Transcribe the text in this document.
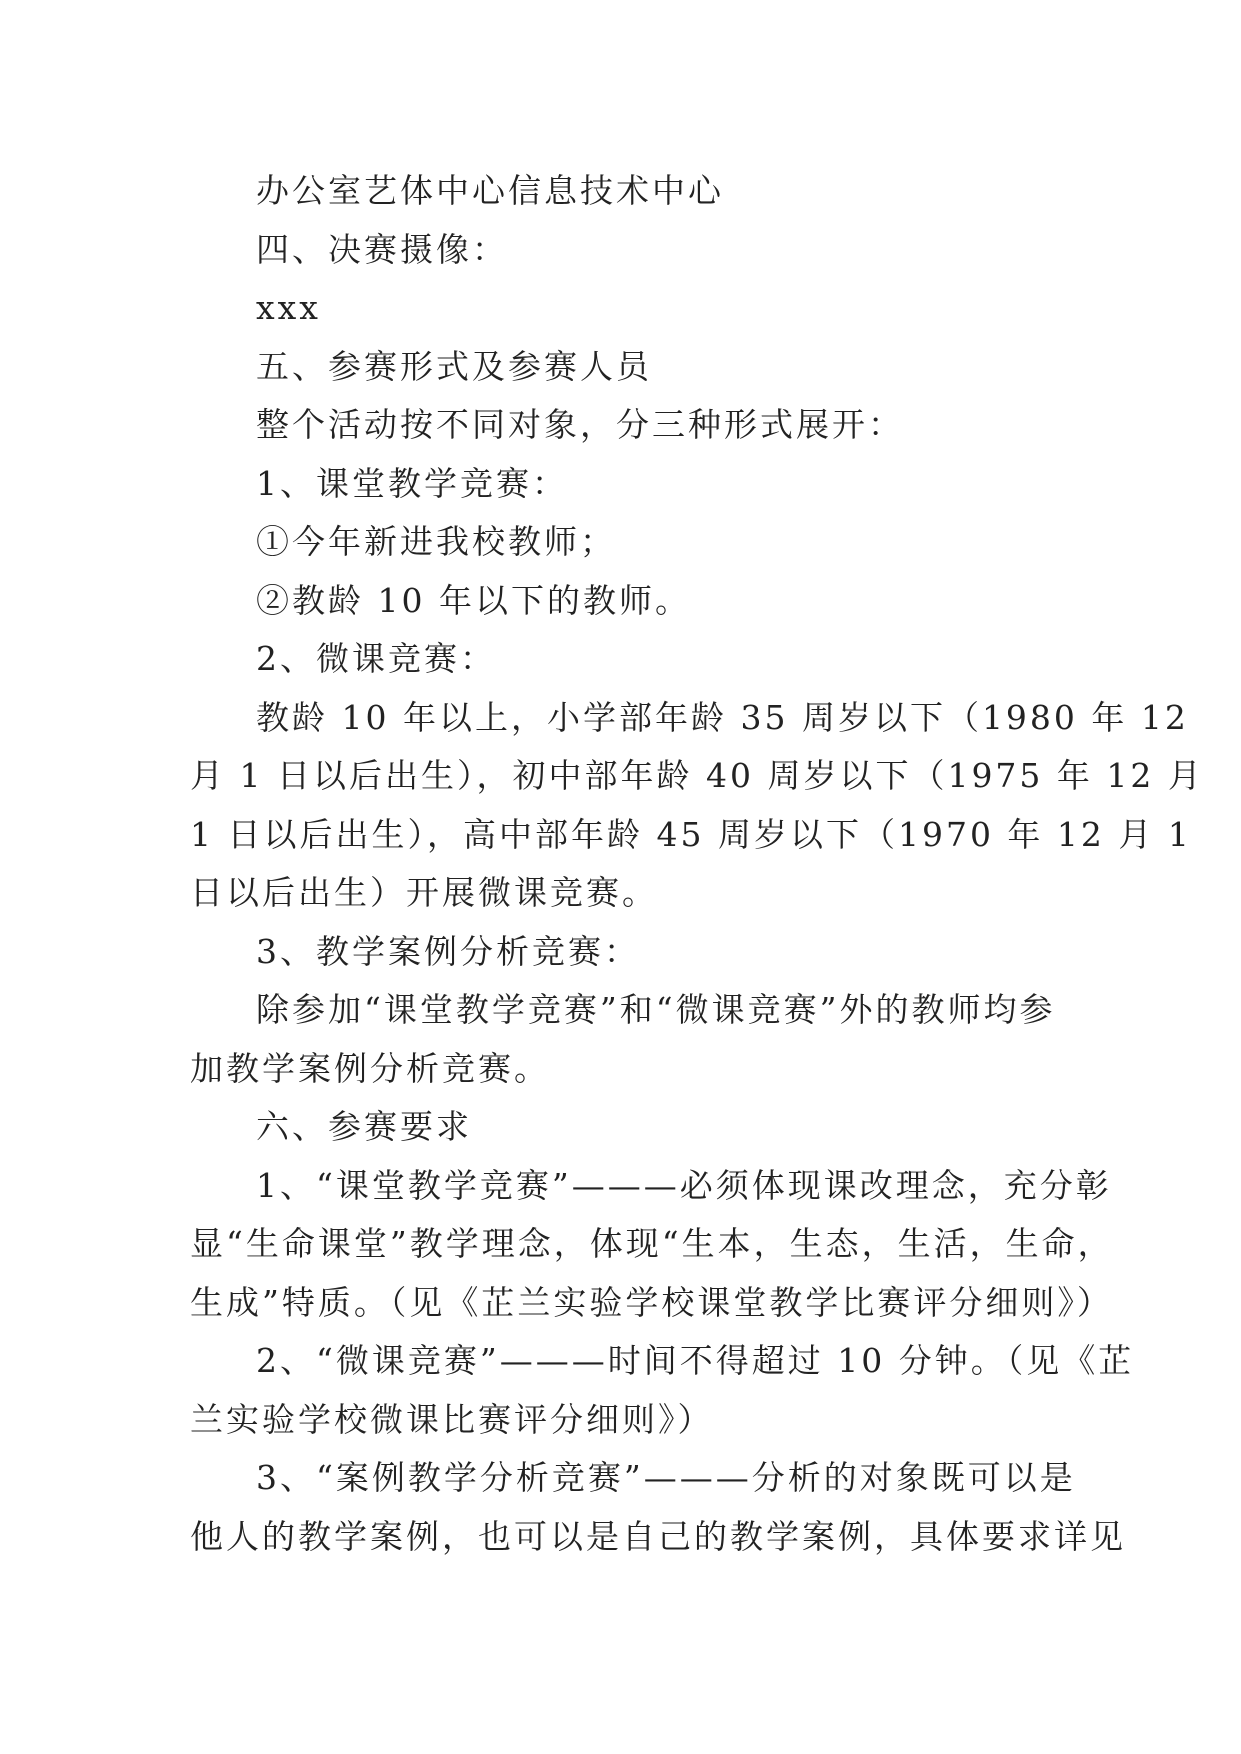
办公室艺体中心信息技术中心
四、决赛摄像：
xxx
五、参赛形式及参赛人员
整个活动按不同对象，分三种形式展开：
1、课堂教学竞赛：
①今年新进我校教师；
②教龄 10 年以下的教师。
2、微课竞赛：
教龄 10 年以上，小学部年龄 35 周岁以下（1980 年 12
月 1 日以后出生），初中部年龄 40 周岁以下（1975 年 12 月
1 日以后出生），高中部年龄 45 周岁以下（1970 年 12 月 1
日以后出生）开展微课竞赛。
3、教学案例分析竞赛：
除参加“课堂教学竞赛”和“微课竞赛”外的教师均参
加教学案例分析竞赛。
六、参赛要求
1、“课堂教学竞赛”———必须体现课改理念，充分彰
显“生命课堂”教学理念，体现“生本，生态，生活，生命，
生成”特质。（见《芷兰实验学校课堂教学比赛评分细则》）
2、“微课竞赛”———时间不得超过 10 分钟。（见《芷
兰实验学校微课比赛评分细则》）
3、“案例教学分析竞赛”———分析的对象既可以是
他人的教学案例，也可以是自己的教学案例，具体要求详见
